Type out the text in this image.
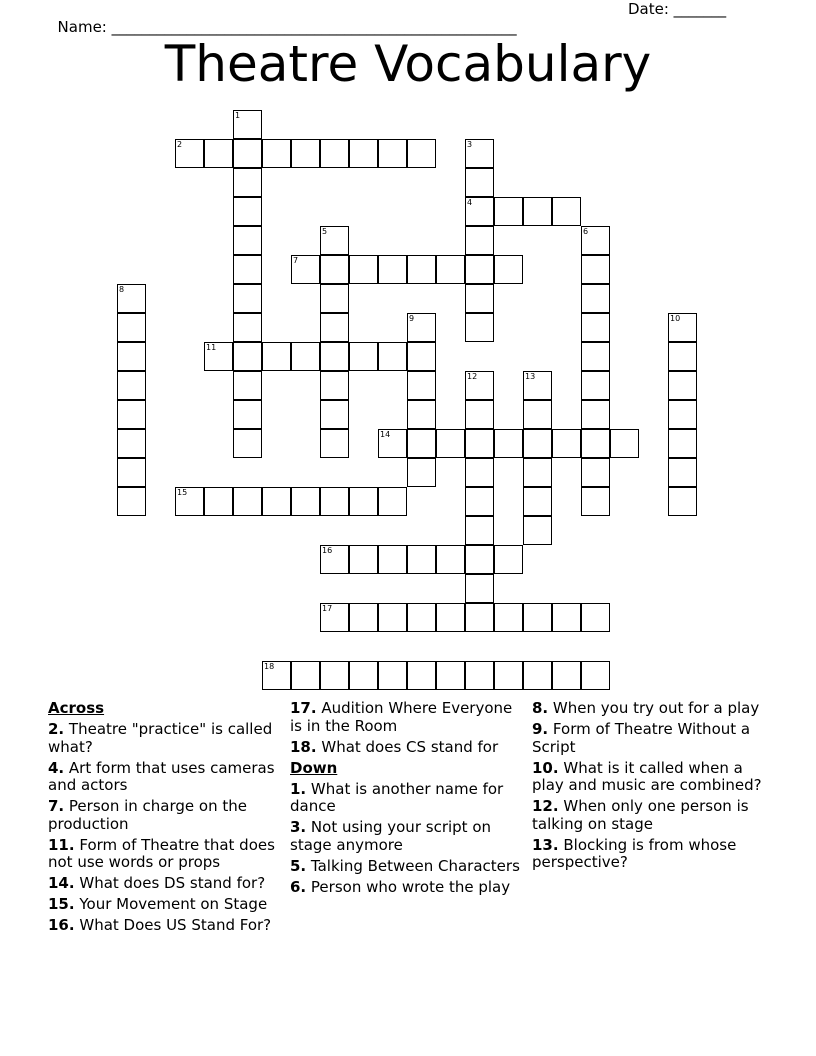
Name: ______________________________________________________

Date: _______

Theatre Vocabulary
1
2	3
4
5	6
7
8
9	10
11
12	13
14
15
16
17
18
Across
2. Theatre "practice" is called what?
4. Art form that uses cameras and actors
7. Person in charge on the production
11. Form of Theatre that does not use words or props
14. What does DS stand for?
15. Your Movement on Stage
16. What Does US Stand For?
17. Audition Where Everyone is in the Room
18. What does CS stand for
Down
1. What is another name for dance
3. Not using your script on stage anymore
5. Talking Between Characters
6. Person who wrote the play
8. When you try out for a play
9. Form of Theatre Without a Script
10. What is it called when a play and music are combined?
12. When only one person is talking on stage
13. Blocking is from whose perspective?
